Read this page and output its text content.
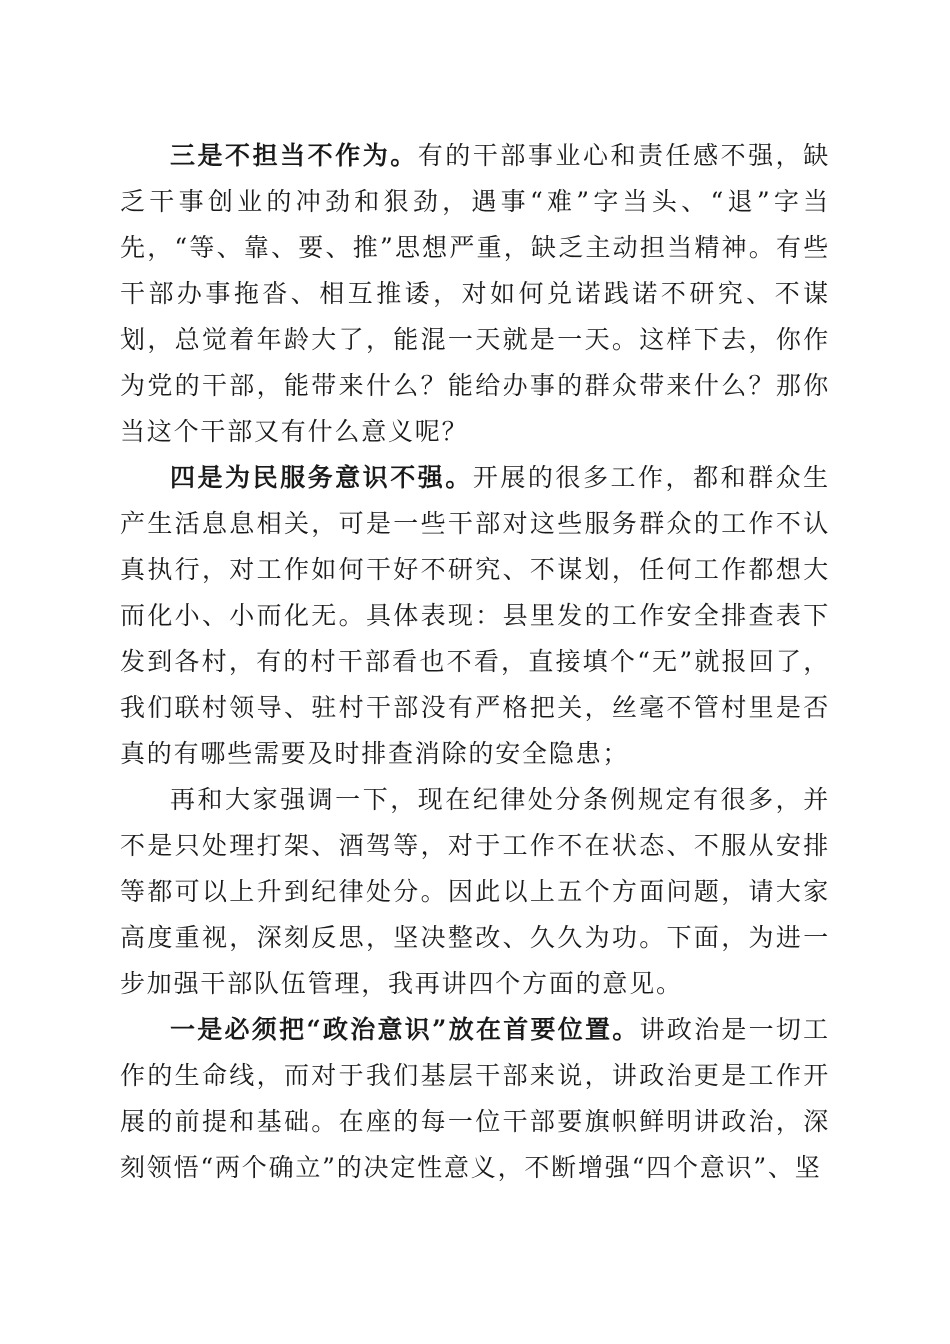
三是不担当不作为。有的干部事业心和责任感不强，缺乏干事创业的冲劲和狠劲，遇事“难”字当头、“退”字当先，“等、靠、要、推”思想严重，缺乏主动担当精神。有些干部办事拖沓、相互推诿，对如何兑诺践诺不研究、不谋划，总觉着年龄大了，能混一天就是一天。这样下去，你作为党的干部，能带来什么？能给办事的群众带来什么？那你当这个干部又有什么意义呢？

四是为民服务意识不强。开展的很多工作，都和群众生产生活息息相关，可是一些干部对这些服务群众的工作不认真执行，对工作如何干好不研究、不谋划，任何工作都想大而化小、小而化无。具体表现：县里发的工作安全排查表下发到各村，有的村干部看也不看，直接填个“无”就报回了，我们联村领导、驻村干部没有严格把关，丝毫不管村里是否真的有哪些需要及时排查消除的安全隐患；

再和大家强调一下，现在纪律处分条例规定有很多，并不是只处理打架、酒驾等，对于工作不在状态、不服从安排等都可以上升到纪律处分。因此以上五个方面问题，请大家高度重视，深刻反思，坚决整改、久久为功。下面，为进一步加强干部队伍管理，我再讲四个方面的意见。

一是必须把“政治意识”放在首要位置。讲政治是一切工作的生命线，而对于我们基层干部来说，讲政治更是工作开展的前提和基础。在座的每一位干部要旗帜鲜明讲政治，深刻领悟“两个确立”的决定性意义，不断增强“四个意识”、坚
